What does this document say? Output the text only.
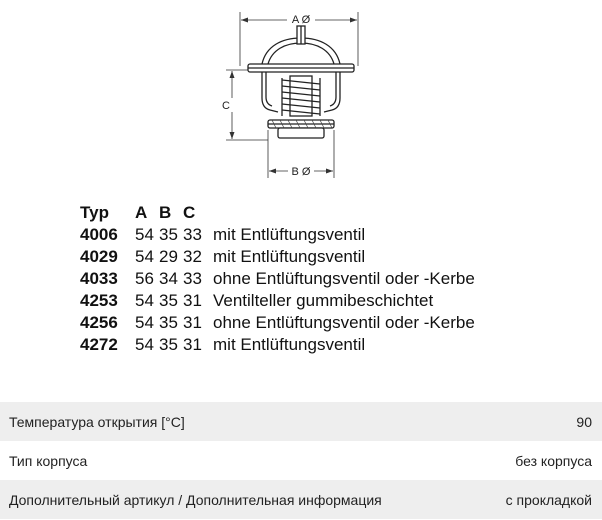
A Ø
C
B Ø
Typ	A	B	C	
4006	54	35	33	mit Entlüftungsventil
4029	54	29	32	mit Entlüftungsventil
4033	56	34	33	ohne Entlüftungsventil oder -Kerbe
4253	54	35	31	Ventilteller gummibeschichtet
4256	54	35	31	ohne Entlüftungsventil oder -Kerbe
4272	54	35	31	mit Entlüftungsventil
Температура открытия [°C]	90
Тип корпуса	без корпуса
Дополнительный артикул / Дополнительная информация	с прокладкой
